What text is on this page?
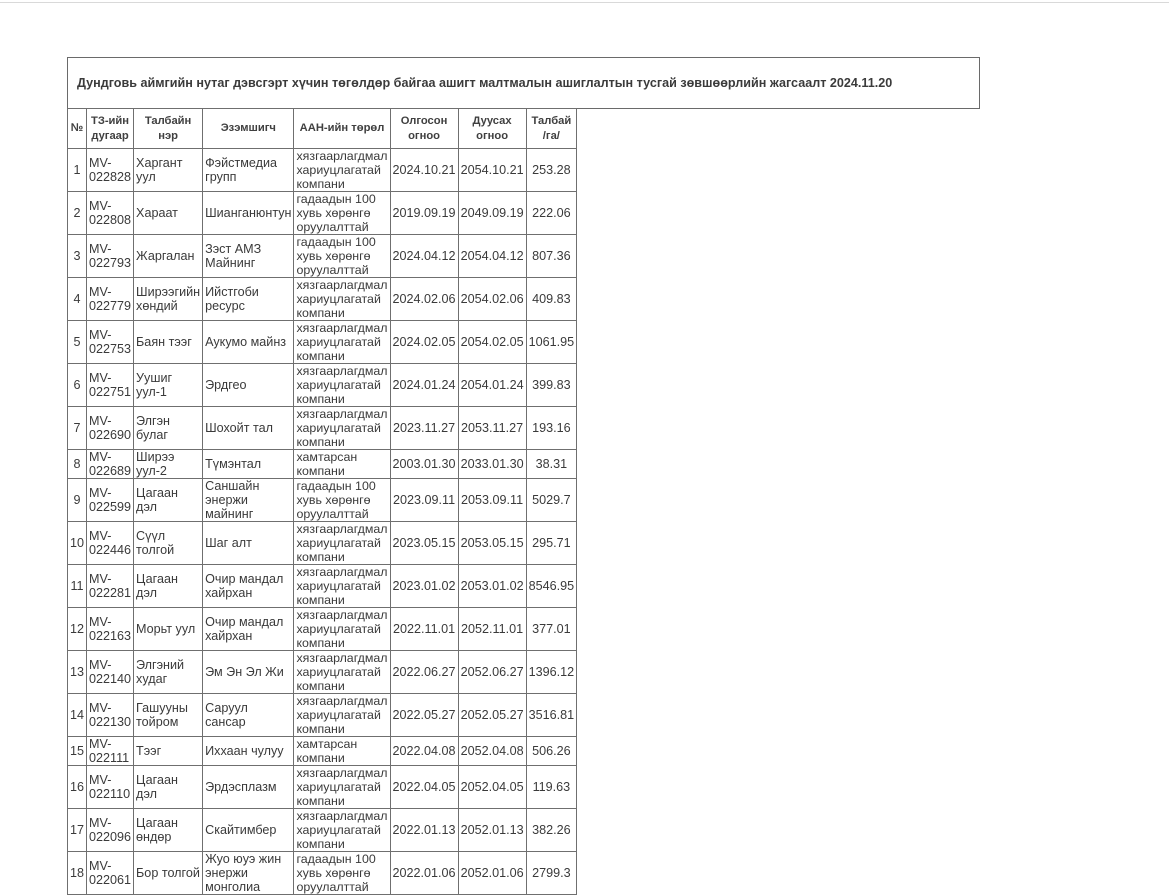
Дундговь аймгийн нутаг дэвсгэрт хүчин төгөлдөр байгаа ашигт малтмалын ашиглалтын тусгай зөвшөөрлийн жагсаалт 2024.11.20
№	ТЗ-ийн дугаар	Талбайн нэр	Эзэмшигч	ААН-ийн төрөл	Олгосон огноо	Дуусах огноо	Талбай /га/
1	MV-022828	Харгант уул	Фэйстмедиа групп	хязгаарлагдмал хариуцлагатай компани	2024.10.21	2054.10.21	253.28
2	MV-022808	Хараат	Шианганюнтун	гадаадын 100 хувь хөрөнгө оруулалттай	2019.09.19	2049.09.19	222.06
3	MV-022793	Жаргалан	Зэст АМЗ Майнинг	гадаадын 100 хувь хөрөнгө оруулалттай	2024.04.12	2054.04.12	807.36
4	MV-022779	Ширээгийн хөндий	Ийстгоби ресурс	хязгаарлагдмал хариуцлагатай компани	2024.02.06	2054.02.06	409.83
5	MV-022753	Баян тээг	Аукумо майнз	хязгаарлагдмал хариуцлагатай компани	2024.02.05	2054.02.05	1061.95
6	MV-022751	Уушиг уул-1	Эрдгео	хязгаарлагдмал хариуцлагатай компани	2024.01.24	2054.01.24	399.83
7	MV-022690	Элгэн булаг	Шохойт тал	хязгаарлагдмал хариуцлагатай компани	2023.11.27	2053.11.27	193.16
8	MV-022689	Ширээ уул-2	Түмэнтал	хамтарсан компани	2003.01.30	2033.01.30	38.31
9	MV-022599	Цагаан дэл	Саншайн энержи майнинг	гадаадын 100 хувь хөрөнгө оруулалттай	2023.09.11	2053.09.11	5029.7
10	MV-022446	Сүүл толгой	Шаг алт	хязгаарлагдмал хариуцлагатай компани	2023.05.15	2053.05.15	295.71
11	MV-022281	Цагаан дэл	Очир мандал хайрхан	хязгаарлагдмал хариуцлагатай компани	2023.01.02	2053.01.02	8546.95
12	MV-022163	Морьт уул	Очир мандал хайрхан	хязгаарлагдмал хариуцлагатай компани	2022.11.01	2052.11.01	377.01
13	MV-022140	Элгэний худаг	Эм Эн Эл Жи	хязгаарлагдмал хариуцлагатай компани	2022.06.27	2052.06.27	1396.12
14	MV-022130	Гашууны тойром	Саруул сансар	хязгаарлагдмал хариуцлагатай компани	2022.05.27	2052.05.27	3516.81
15	MV-022111	Тээг	Иххаан чулуу	хамтарсан компани	2022.04.08	2052.04.08	506.26
16	MV-022110	Цагаан дэл	Эрдэсплазм	хязгаарлагдмал хариуцлагатай компани	2022.04.05	2052.04.05	119.63
17	MV-022096	Цагаан өндөр	Скайтимбер	хязгаарлагдмал хариуцлагатай компани	2022.01.13	2052.01.13	382.26
18	MV-022061	Бор толгой	Жуо юуэ жин энержи монголиа	гадаадын 100 хувь хөрөнгө оруулалттай	2022.01.06	2052.01.06	2799.3
